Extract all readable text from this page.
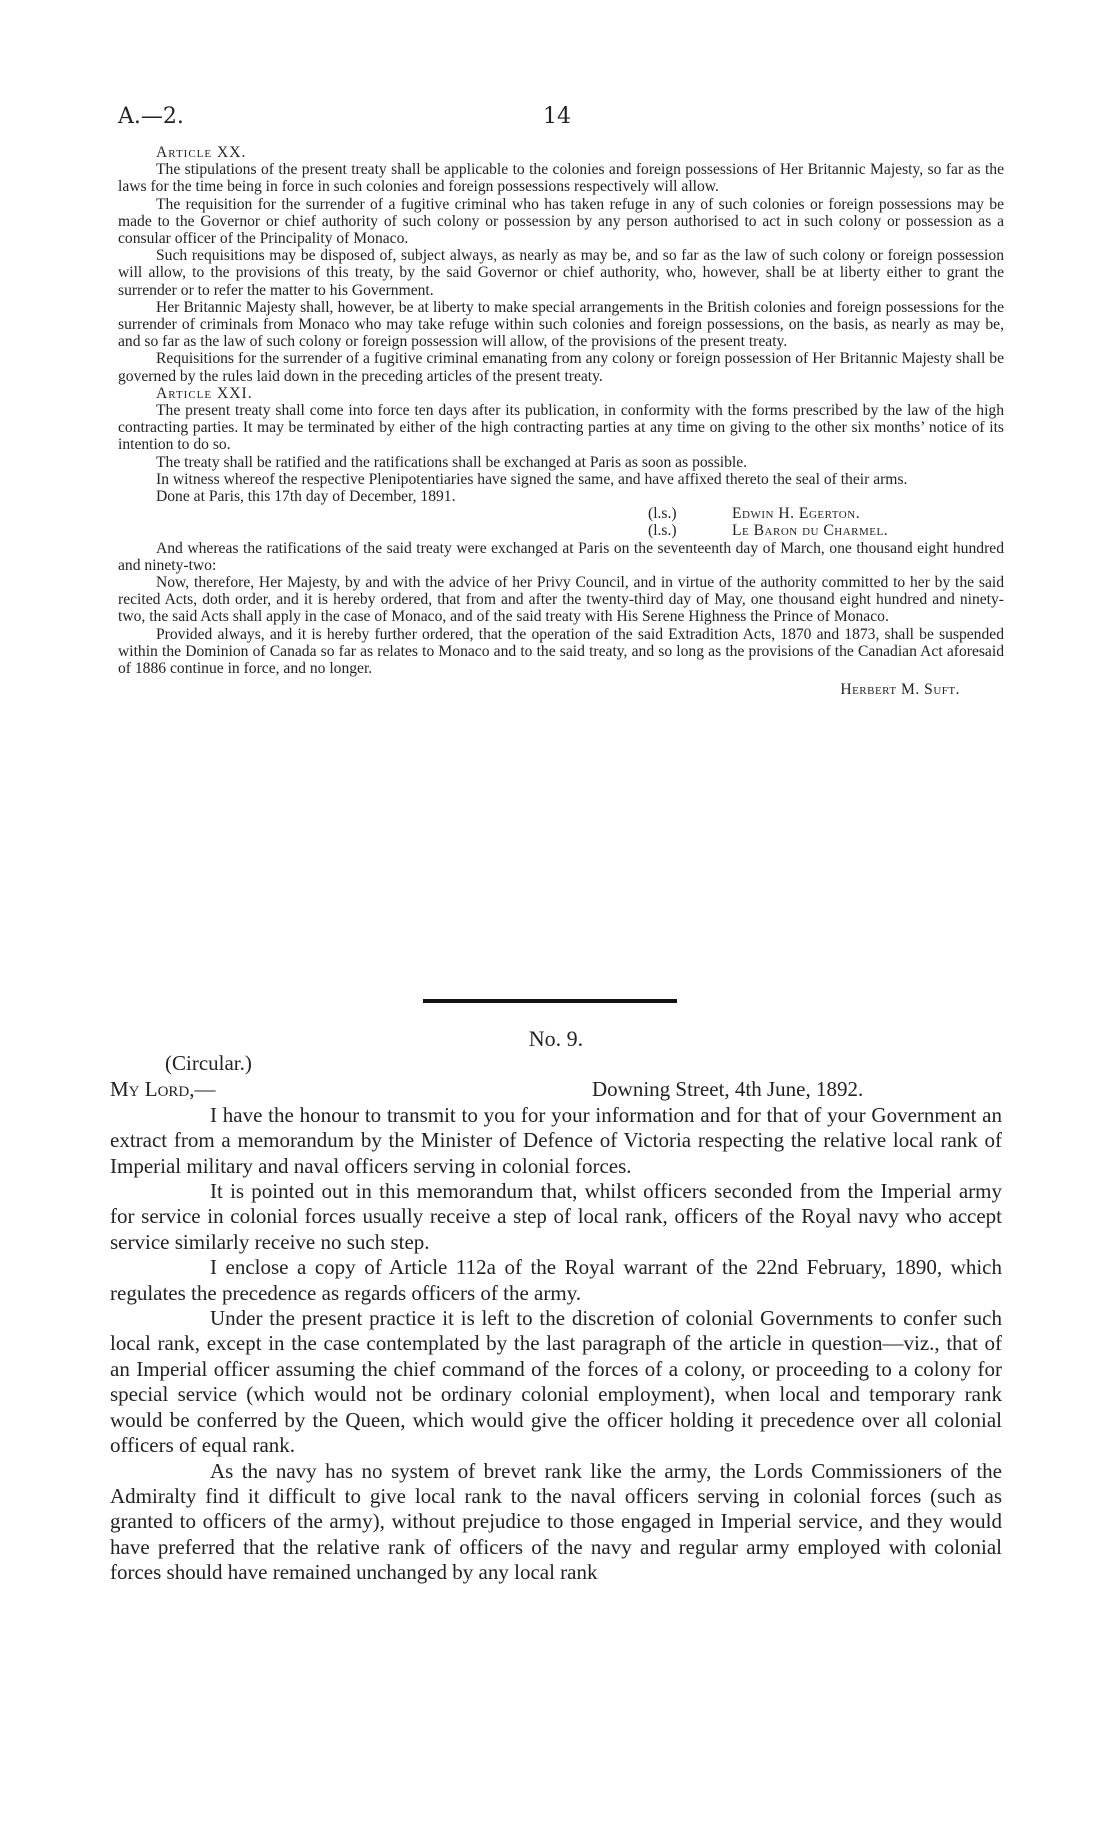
A.—2.	14

Article XX.

The stipulations of the present treaty shall be applicable to the colonies and foreign possessions of Her Britannic Majesty, so far as the laws for the time being in force in such colonies and foreign possessions respectively will allow.

The requisition for the surrender of a fugitive criminal who has taken refuge in any of such colonies or foreign possessions may be made to the Governor or chief authority of such colony or possession by any person authorised to act in such colony or possession as a consular officer of the Principality of Monaco.

Such requisitions may be disposed of, subject always, as nearly as may be, and so far as the law of such colony or foreign possession will allow, to the provisions of this treaty, by the said Governor or chief authority, who, however, shall be at liberty either to grant the surrender or to refer the matter to his Government.

Her Britannic Majesty shall, however, be at liberty to make special arrangements in the British colonies and foreign possessions for the surrender of criminals from Monaco who may take refuge within such colonies and foreign possessions, on the basis, as nearly as may be, and so far as the law of such colony or foreign possession will allow, of the provisions of the present treaty.

Requisitions for the surrender of a fugitive criminal emanating from any colony or foreign possession of Her Britannic Majesty shall be governed by the rules laid down in the preceding articles of the present treaty.

Article XXI.

The present treaty shall come into force ten days after its publication, in conformity with the forms prescribed by the law of the high contracting parties. It may be terminated by either of the high contracting parties at any time on giving to the other six months’ notice of its intention to do so.

The treaty shall be ratified and the ratifications shall be exchanged at Paris as soon as possible.

In witness whereof the respective Plenipotentiaries have signed the same, and have affixed thereto the seal of their arms.

Done at Paris, this 17th day of December, 1891.

(l.s.)	Edwin H. Egerton.
(l.s.)	Le Baron du Charmel.

And whereas the ratifications of the said treaty were exchanged at Paris on the seventeenth day of March, one thousand eight hundred and ninety-two:

Now, therefore, Her Majesty, by and with the advice of her Privy Council, and in virtue of the authority committed to her by the said recited Acts, doth order, and it is hereby ordered, that from and after the twenty-third day of May, one thousand eight hundred and ninety-two, the said Acts shall apply in the case of Monaco, and of the said treaty with His Serene Highness the Prince of Monaco.

Provided always, and it is hereby further ordered, that the operation of the said Extradition Acts, 1870 and 1873, shall be suspended within the Dominion of Canada so far as relates to Monaco and to the said treaty, and so long as the provisions of the Canadian Act aforesaid of 1886 continue in force, and no longer.

Herbert M. Suft.
No. 9.
(Circular.)
My Lord,—	Downing Street, 4th June, 1892.

I have the honour to transmit to you for your information and for that of your Government an extract from a memorandum by the Minister of Defence of Victoria respecting the relative local rank of Imperial military and naval officers serving in colonial forces.

It is pointed out in this memorandum that, whilst officers seconded from the Imperial army for service in colonial forces usually receive a step of local rank, officers of the Royal navy who accept service similarly receive no such step.

I enclose a copy of Article 112a of the Royal warrant of the 22nd February, 1890, which regulates the precedence as regards officers of the army.

Under the present practice it is left to the discretion of colonial Governments to confer such local rank, except in the case contemplated by the last paragraph of the article in question—viz., that of an Imperial officer assuming the chief command of the forces of a colony, or proceeding to a colony for special service (which would not be ordinary colonial employment), when local and temporary rank would be conferred by the Queen, which would give the officer holding it precedence over all colonial officers of equal rank.

As the navy has no system of brevet rank like the army, the Lords Commissioners of the Admiralty find it difficult to give local rank to the naval officers serving in colonial forces (such as granted to officers of the army), without prejudice to those engaged in Imperial service, and they would have preferred that the relative rank of officers of the navy and regular army employed with colonial forces should have remained unchanged by any local rank
